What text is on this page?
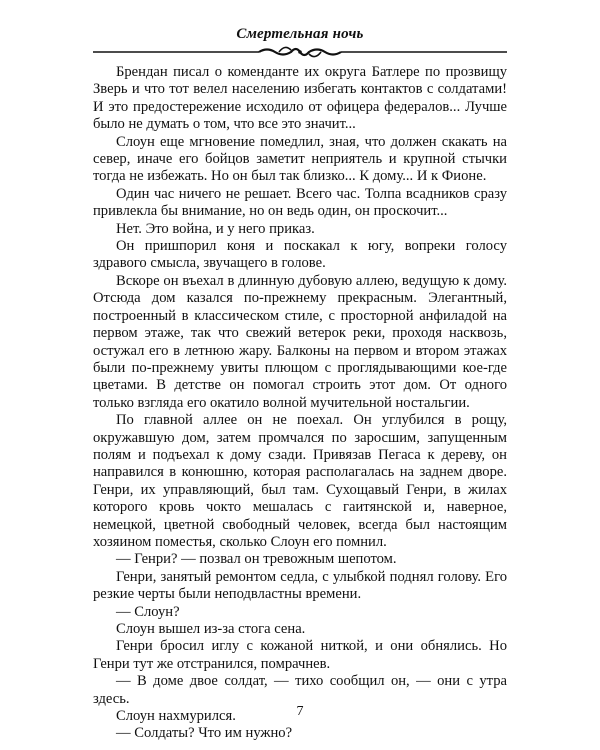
Смертельная ночь

Брендан писал о коменданте их округа Батлере по прозвищу Зверь и что тот велел населению избегать контактов с солдатами! И это предостережение исходило от офицера федералов... Лучше было не думать о том, что все это значит...

Слоун еще мгновение помедлил, зная, что должен скакать на север, иначе его бойцов заметит неприятель и крупной стычки тогда не избежать. Но он был так близко... К дому... И к Фионе.

Один час ничего не решает. Всего час. Толпа всадников сразу привлекла бы внимание, но он ведь один, он проскочит...

Нет. Это война, и у него приказ.

Он пришпорил коня и поскакал к югу, вопреки голосу здравого смысла, звучащего в голове.

Вскоре он въехал в длинную дубовую аллею, ведущую к дому. Отсюда дом казался по-прежнему прекрасным. Элегантный, построенный в классическом стиле, с просторной анфиладой на первом этаже, так что свежий ветерок реки, проходя насквозь, остужал его в летнюю жару. Балконы на первом и втором этажах были по-прежнему увиты плющом с проглядывающими кое-где цветами. В детстве он помогал строить этот дом. От одного только взгляда его окатило волной мучительной ностальгии.

По главной аллее он не поехал. Он углубился в рощу, окружавшую дом, затем промчался по заросшим, запущенным полям и подъехал к дому сзади. Привязав Пегаса к дереву, он направился в конюшню, которая располагалась на заднем дворе. Генри, их управляющий, был там. Сухощавый Генри, в жилах которого кровь чокто мешалась с гаитянской и, наверное, немецкой, цветной свободный человек, всегда был настоящим хозяином поместья, сколько Слоун его помнил.

— Генри? — позвал он тревожным шепотом.

Генри, занятый ремонтом седла, с улыбкой поднял голову. Его резкие черты были неподвластны времени.

— Слоун?

Слоун вышел из-за стога сена.

Генри бросил иглу с кожаной ниткой, и они обнялись. Но Генри тут же отстранился, помрачнев.

— В доме двое солдат, — тихо сообщил он, — они с утра здесь.

Слоун нахмурился.

— Солдаты? Что им нужно?

7
